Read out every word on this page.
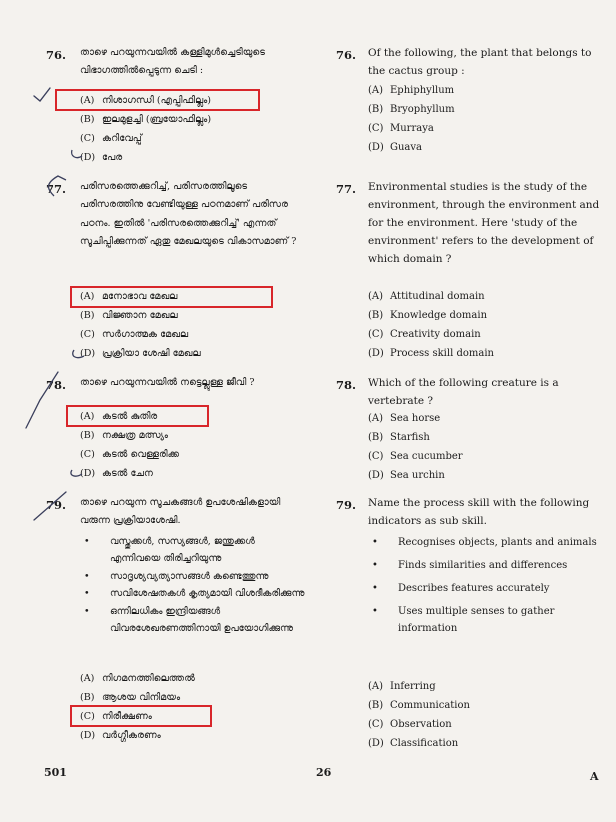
76. താഴെ പറയുന്നവയിൽ കള്ളിമുൾച്ചെടിയുടെ വിഭാഗത്തിൽപ്പെടുന്ന ചെടി :
(A) നിശാഗന്ധി (എപ്പിഫില്ലം)
(B) ഇലമുളച്ചി (ബ്രയോഫില്ലം)
(C) കറിവേപ്പ്
(D) പേര
77. പരിസരത്തെക്കുറിച്ച്, പരിസരത്തിലൂടെ പരിസരത്തിനു വേണ്ടിയുള്ള പഠനമാണ് പരിസര പഠനം. ഇതിൽ 'പരിസരത്തെക്കുറിച്ച്' എന്നത് സൂചിപ്പിക്കുന്നത് ഏതു മേഖലയുടെ വികാസമാണ് ?
(A) മനോഭാവ മേഖല
(B) വിജ്ഞാന മേഖല
(C) സർഗാത്മക മേഖല
(D) പ്രക്രിയാ ശേഷി മേഖല
78. താഴെ പറയുന്നവയിൽ നട്ടെല്ലുള്ള ജീവി ?
(A) കടൽ കുതിര
(B) നക്ഷത്ര മത്സ്യം
(C) കടൽ വെള്ളരിക്ക
(D) കടൽ ചേന
79. താഴെ പറയുന്ന സൂചകങ്ങൾ ഉപശേഷികളായി വരുന്ന പ്രക്രിയാശേഷി.
• വസ്തുക്കൾ, സസ്യങ്ങൾ, ജന്തുക്കൾ എന്നിവയെ തിരിച്ചറിയുന്നു
• സാദൃശ്യവ്യത്യാസങ്ങൾ കണ്ടെത്തുന്നു
• സവിശേഷതകൾ കൃത്യമായി വിശദീകരിക്കുന്നു
• ഒന്നിലധികം ഇന്ദ്രിയങ്ങൾ വിവരശേഖരണത്തിനായി ഉപയോഗിക്കുന്നു
(A) നിഗമനത്തിലെത്തൽ
(B) ആശയ വിനിമയം
(C) നിരീക്ഷണം
(D) വർഗ്ഗീകരണം
76. Of the following, the plant that belongs to the cactus group :
(A) Ephiphyllum
(B) Bryophyllum
(C) Murraya
(D) Guava
77. Environmental studies is the study of the environment, through the environment and for the environment. Here 'study of the environment' refers to the development of which domain ?
(A) Attitudinal domain
(B) Knowledge domain
(C) Creativity domain
(D) Process skill domain
78. Which of the following creature is a vertebrate ?
(A) Sea horse
(B) Starfish
(C) Sea cucumber
(D) Sea urchin
79. Name the process skill with the following indicators as sub skill.
• Recognises objects, plants and animals
• Finds similarities and differences
• Describes features accurately
• Uses multiple senses to gather information
(A) Inferring
(B) Communication
(C) Observation
(D) Classification
501	26	A
